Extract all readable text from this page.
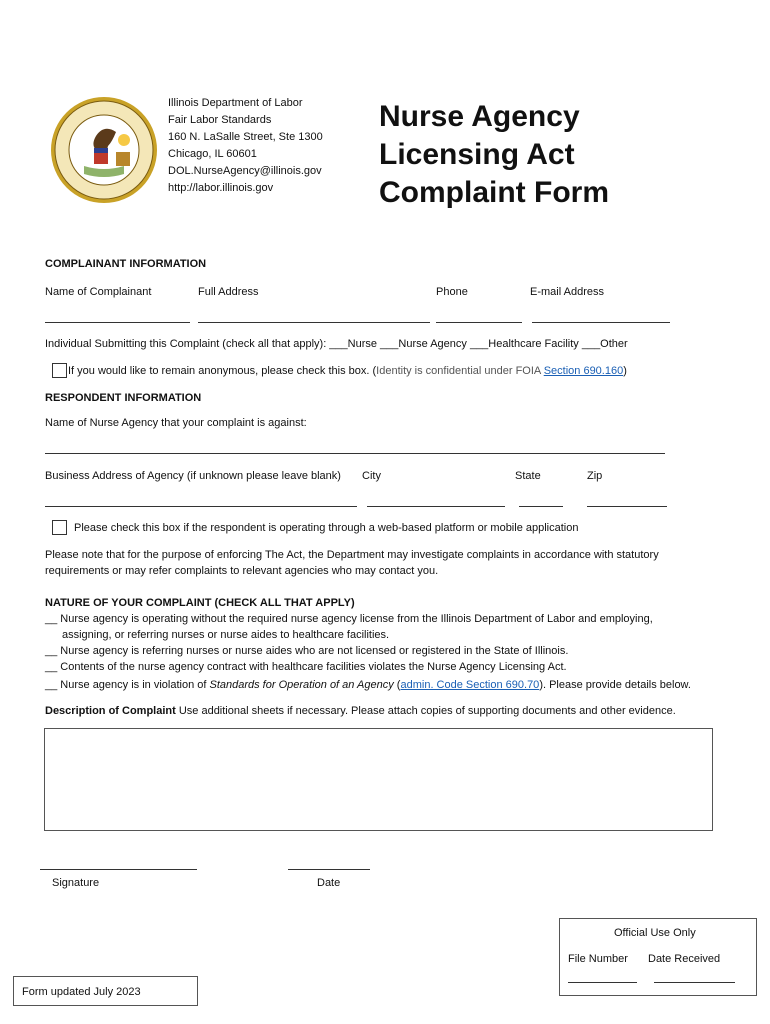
Illinois Department of Labor
Fair Labor Standards
160 N. LaSalle Street, Ste 1300
Chicago, IL 60601
DOL.NurseAgency@illinois.gov
http://labor.illinois.gov
Nurse Agency
Licensing Act
Complaint Form
COMPLAINANT INFORMATION
Name of Complainant	Full Address	Phone	E-mail Address
Individual Submitting this Complaint (check all that apply): ___Nurse ___Nurse Agency ___Healthcare Facility ___Other
If you would like to remain anonymous, please check this box. (Identity is confidential under FOIA Section 690.160)
RESPONDENT INFORMATION
Name of Nurse Agency that your complaint is against:
Business Address of Agency (if unknown please leave blank) City	State	Zip
Please check this box if the respondent is operating through a web-based platform or mobile application
Please note that for the purpose of enforcing The Act, the Department may investigate complaints in accordance with statutory
requirements or may refer complaints to relevant agencies who may contact you.
NATURE OF YOUR COMPLAINT (CHECK ALL THAT APPLY)
__ Nurse agency is operating without the required nurse agency license from the Illinois Department of Labor and employing,
assigning, or referring nurses or nurse aides to healthcare facilities.
__ Nurse agency is referring nurses or nurse aides who are not licensed or registered in the State of Illinois.
__ Contents of the nurse agency contract with healthcare facilities violates the Nurse Agency Licensing Act.
__ Nurse agency is in violation of Standards for Operation of an Agency (admin. Code Section 690.70). Please provide details below.
Description of Complaint Use additional sheets if necessary. Please attach copies of supporting documents and other evidence.
Signature	Date
Official Use Only
File Number Date Received
Form updated July 2023
